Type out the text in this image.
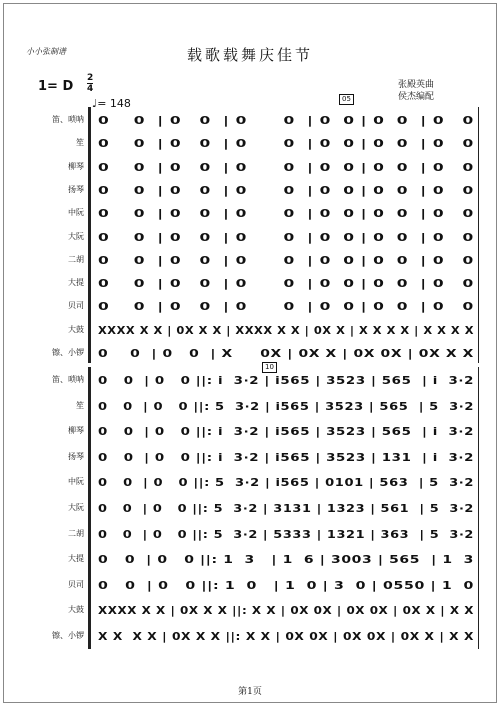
小小张制谱	载歌载舞庆佳节
1= D
2
4
♩= 148
张殿英曲
侯杰编配
05
10
笛、唢呐 0    0  | 0   0  | 0      0  | 0  0 | 0  0  | 0   0
笙 0    0  | 0   0  | 0      0  | 0  0 | 0  0  | 0   0
柳琴 0    0  | 0   0  | 0      0  | 0  0 | 0  0  | 0   0
扬琴 0    0  | 0   0  | 0      0  | 0  0 | 0  0  | 0   0
中阮 0    0  | 0   0  | 0      0  | 0  0 | 0  0  | 0   0
大阮 0    0  | 0   0  | 0      0  | 0  0 | 0  0  | 0   0
二胡 0    0  | 0   0  | 0      0  | 0  0 | 0  0  | 0   0
大提 0    0  | 0   0  | 0      0  | 0  0 | 0  0  | 0   0
贝司 0    0  | 0   0  | 0      0  | 0  0 | 0  0  | 0   0
大鼓 XXXX X X | 0X X X | XXXX X X | 0X X | X X X X | X X X X
镲、小锣 0    0  | 0   0  | X     0X | 0X X | 0X 0X | 0X X X
笛、唢呐 0   0  | 0   0 ||: i  3·2 | i565 | 3523 | 565  | i  3·2
笙 0   0  | 0   0 ||: 5  3·2 | i565 | 3523 | 565  | 5  3·2
柳琴 0   0  | 0   0 ||: i  3·2 | i565 | 3523 | 565  | i  3·2
扬琴 0   0  | 0   0 ||: i  3·2 | i565 | 3523 | 131  | i  3·2
中阮 0   0  | 0   0 ||: 5  3·2 | i565 | 0101 | 563  | 5  3·2
大阮 0   0  | 0   0 ||: 5  3·2 | 3131 | 1323 | 561  | 5  3·2
二胡 0   0  | 0   0 ||: 5  3·2 | 5333 | 1321 | 363  | 5  3·2
大提 0   0  | 0   0 ||: 1  3   | 1  6 | 3003 | 565  | 1  3
贝司 0   0  | 0   0 ||: 1  0   | 1  0 | 3  0 | 0550 | 1  0
大鼓 XXXX X X | 0X X X ||: X X | 0X 0X | 0X 0X | 0X X | X X
镲、小锣 X X  X X | 0X X X ||: X X | 0X 0X | 0X 0X | 0X X | X X
第1页
